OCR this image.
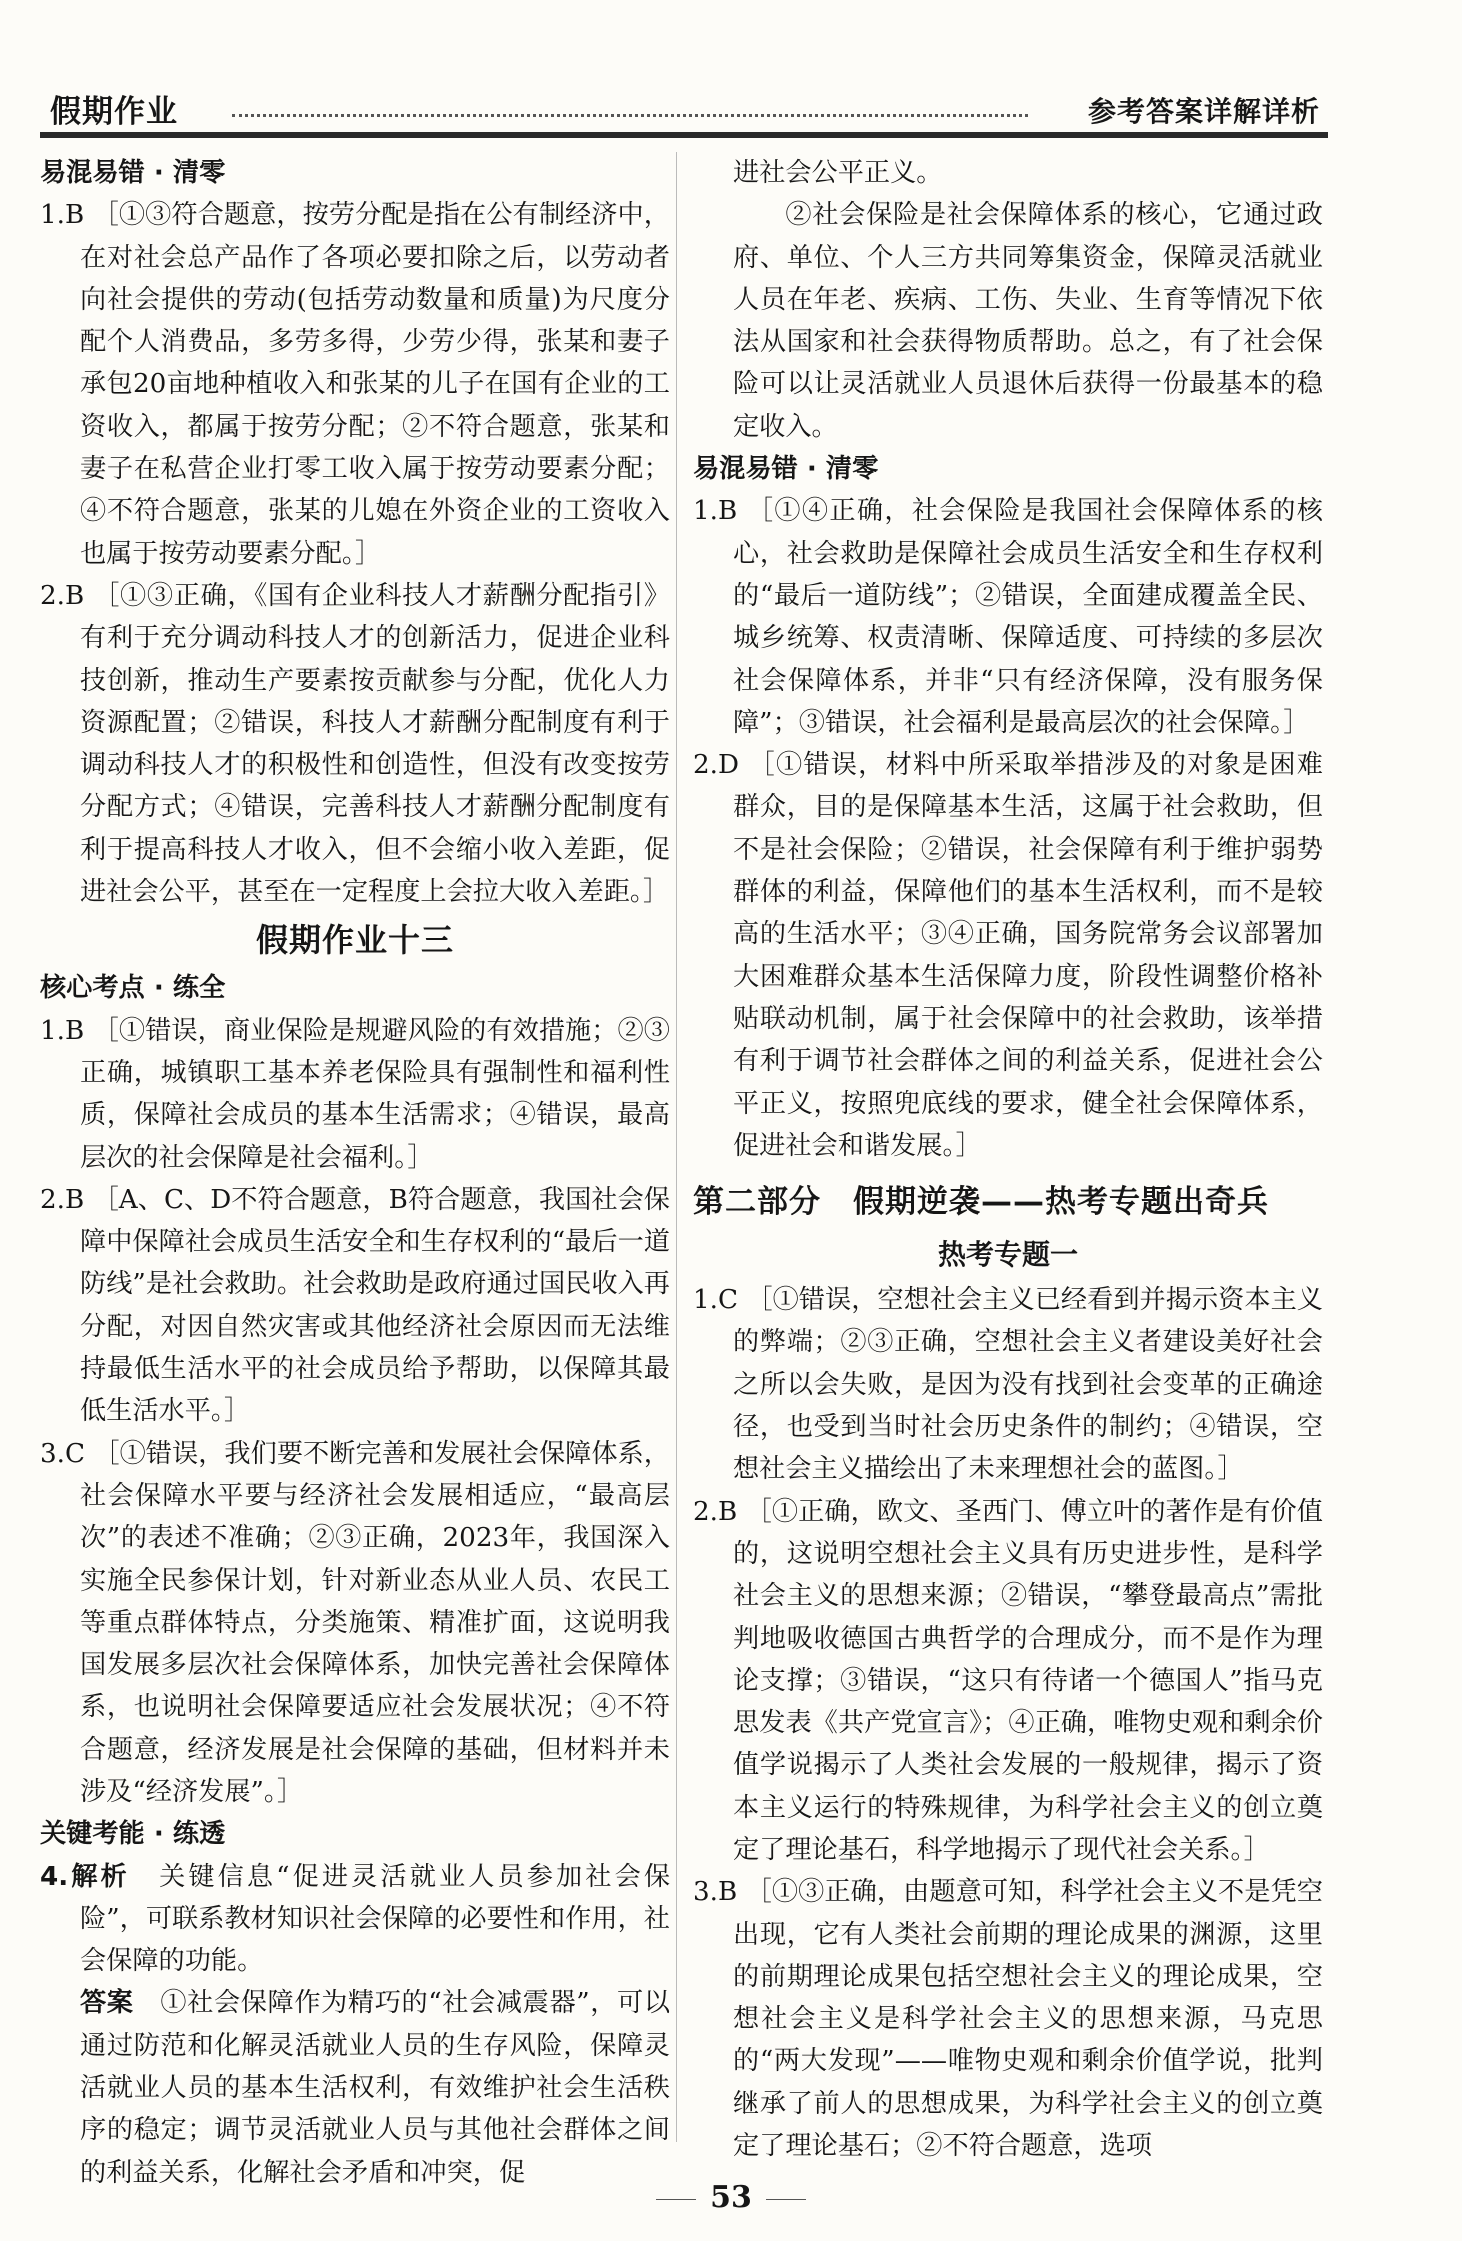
假期作业	参考答案详解详析
易混易错 · 清零
1.B ［①③符合题意，按劳分配是指在公有制经济中，在对社会总产品作了各项必要扣除之后，以劳动者向社会提供的劳动(包括劳动数量和质量)为尺度分配个人消费品，多劳多得，少劳少得，张某和妻子承包20亩地种植收入和张某的儿子在国有企业的工资收入，都属于按劳分配；②不符合题意，张某和妻子在私营企业打零工收入属于按劳动要素分配；④不符合题意，张某的儿媳在外资企业的工资收入也属于按劳动要素分配。］
2.B ［①③正确，《国有企业科技人才薪酬分配指引》有利于充分调动科技人才的创新活力，促进企业科技创新，推动生产要素按贡献参与分配，优化人力资源配置；②错误，科技人才薪酬分配制度有利于调动科技人才的积极性和创造性，但没有改变按劳分配方式；④错误，完善科技人才薪酬分配制度有利于提高科技人才收入，但不会缩小收入差距，促进社会公平，甚至在一定程度上会拉大收入差距。］
假期作业十三
核心考点 · 练全
1.B ［①错误，商业保险是规避风险的有效措施；②③正确，城镇职工基本养老保险具有强制性和福利性质，保障社会成员的基本生活需求；④错误，最高层次的社会保障是社会福利。］
2.B ［A、C、D不符合题意，B符合题意，我国社会保障中保障社会成员生活安全和生存权利的“最后一道防线”是社会救助。社会救助是政府通过国民收入再分配，对因自然灾害或其他经济社会原因而无法维持最低生活水平的社会成员给予帮助，以保障其最低生活水平。］
3.C ［①错误，我们要不断完善和发展社会保障体系，社会保障水平要与经济社会发展相适应，“最高层次”的表述不准确；②③正确，2023年，我国深入实施全民参保计划，针对新业态从业人员、农民工等重点群体特点，分类施策、精准扩面，这说明我国发展多层次社会保障体系，加快完善社会保障体系，也说明社会保障要适应社会发展状况；④不符合题意，经济发展是社会保障的基础，但材料并未涉及“经济发展”。］
关键考能 · 练透
4.解析　 关键信息“促进灵活就业人员参加社会保险”，可联系教材知识社会保障的必要性和作用，社会保障的功能。
答案　 ①社会保障作为精巧的“社会减震器”，可以通过防范和化解灵活就业人员的生存风险，保障灵活就业人员的基本生活权利，有效维护社会生活秩序的稳定；调节灵活就业人员与其他社会群体之间的利益关系，化解社会矛盾和冲突，促
进社会公平正义。
②社会保险是社会保障体系的核心，它通过政府、单位、个人三方共同筹集资金，保障灵活就业人员在年老、疾病、工伤、失业、生育等情况下依法从国家和社会获得物质帮助。总之，有了社会保险可以让灵活就业人员退休后获得一份最基本的稳定收入。
易混易错 · 清零
1.B ［①④正确，社会保险是我国社会保障体系的核心，社会救助是保障社会成员生活安全和生存权利的“最后一道防线”；②错误，全面建成覆盖全民、城乡统筹、权责清晰、保障适度、可持续的多层次社会保障体系，并非“只有经济保障，没有服务保障”；③错误，社会福利是最高层次的社会保障。］
2.D ［①错误，材料中所采取举措涉及的对象是困难群众，目的是保障基本生活，这属于社会救助，但不是社会保险；②错误，社会保障有利于维护弱势群体的利益，保障他们的基本生活权利，而不是较高的生活水平；③④正确，国务院常务会议部署加大困难群众基本生活保障力度，阶段性调整价格补贴联动机制，属于社会保障中的社会救助，该举措有利于调节社会群体之间的利益关系，促进社会公平正义，按照兜底线的要求，健全社会保障体系，促进社会和谐发展。］
第二部分　假期逆袭——热考专题出奇兵
热考专题一
1.C ［①错误，空想社会主义已经看到并揭示资本主义的弊端；②③正确，空想社会主义者建设美好社会之所以会失败，是因为没有找到社会变革的正确途径，也受到当时社会历史条件的制约；④错误，空想社会主义描绘出了未来理想社会的蓝图。］
2.B ［①正确，欧文、圣西门、傅立叶的著作是有价值的，这说明空想社会主义具有历史进步性，是科学社会主义的思想来源；②错误，“攀登最高点”需批判地吸收德国古典哲学的合理成分，而不是作为理论支撑；③错误，“这只有待诸一个德国人”指马克思发表《共产党宣言》；④正确，唯物史观和剩余价值学说揭示了人类社会发展的一般规律，揭示了资本主义运行的特殊规律，为科学社会主义的创立奠定了理论基石，科学地揭示了现代社会关系。］
3.B ［①③正确，由题意可知，科学社会主义不是凭空出现，它有人类社会前期的理论成果的渊源，这里的前期理论成果包括空想社会主义的理论成果，空想社会主义是科学社会主义的思想来源，马克思的“两大发现”——唯物史观和剩余价值学说，批判继承了前人的思想成果，为科学社会主义的创立奠定了理论基石；②不符合题意，选项
53
